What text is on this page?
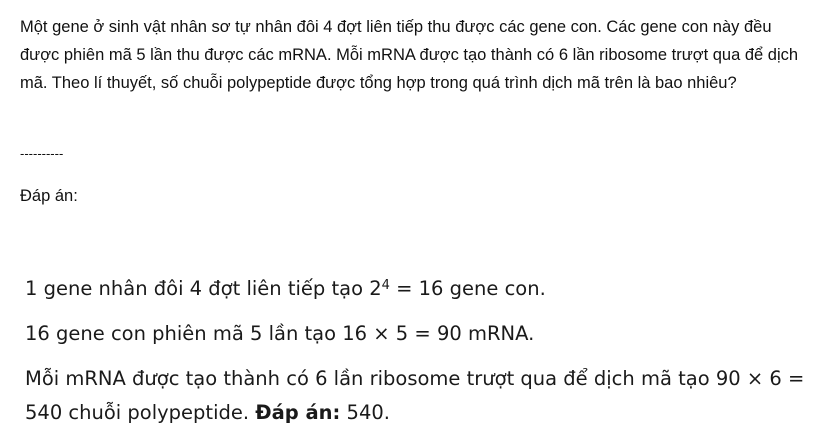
Một gene ở sinh vật nhân sơ tự nhân đôi 4 đợt liên tiếp thu được các gene con. Các gene con này đều được phiên mã 5 lần thu được các mRNA. Mỗi mRNA được tạo thành có 6 lần ribosome trượt qua để dịch mã. Theo lí thuyết, số chuỗi polypeptide được tổng hợp trong quá trình dịch mã trên là bao nhiêu?

----------
Đáp án:

1 gene nhân đôi 4 đợt liên tiếp tạo $2^4 = 16$ gene con.

16 gene con phiên mã 5 lần tạo 16 × 5 = 90 mRNA.

Mỗi mRNA được tạo thành có 6 lần ribosome trượt qua để dịch mã tạo 90 × 6 = 540 chuỗi polypeptide. Đáp án: 540.
